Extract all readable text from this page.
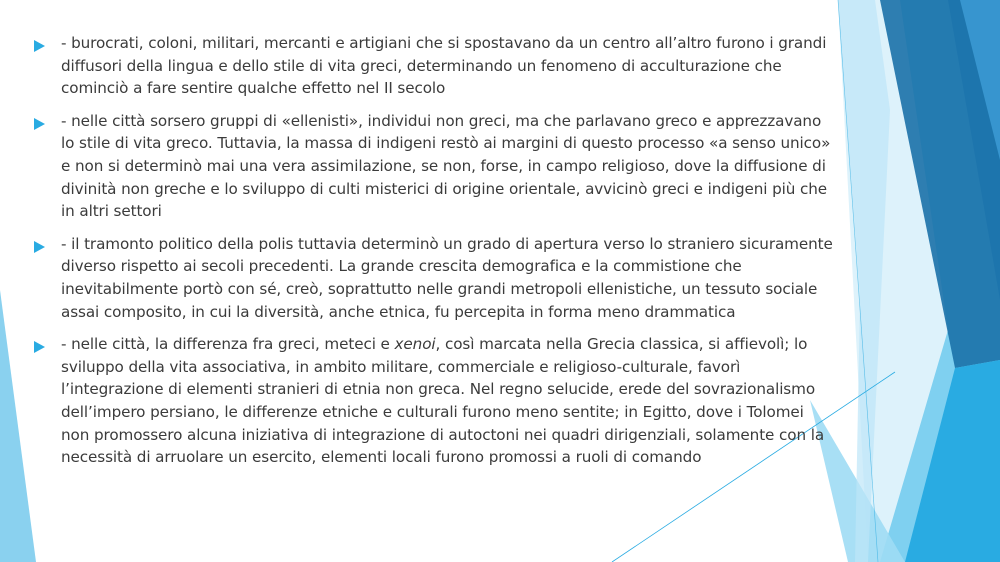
- burocrati, coloni, militari, mercanti e artigiani che si spostavano da un centro all’altro furono i grandi diffusori della lingua e dello stile di vita greci, determinando un fenomeno di acculturazione che cominciò a fare sentire qualche effetto nel II secolo
- nelle città sorsero gruppi di «ellenisti», individui non greci, ma che parlavano greco e apprezzavano lo stile di vita greco. Tuttavia, la massa di indigeni restò ai margini di questo processo «a senso unico» e non si determinò mai una vera assimilazione, se non, forse, in campo religioso, dove la diffusione di divinità non greche e lo sviluppo di culti misterici di origine orientale, avvicinò greci e indigeni più che in altri settori
- il tramonto politico della polis tuttavia determinò un grado di apertura verso lo straniero sicuramente diverso rispetto ai secoli precedenti. La grande crescita demografica e la commistione che inevitabilmente portò con sé, creò, soprattutto nelle grandi metropoli ellenistiche, un tessuto sociale assai composito, in cui la diversità, anche etnica, fu percepita in forma meno drammatica
- nelle città, la differenza fra greci, meteci e xenoi, così marcata nella Grecia classica, si affievolì; lo sviluppo della vita associativa, in ambito militare, commerciale e religioso-culturale, favorì l’integrazione di elementi stranieri di etnia non greca. Nel regno selucide, erede del sovrazionalismo dell’impero persiano, le differenze etniche e culturali furono meno sentite; in Egitto, dove i Tolomei non promossero alcuna iniziativa di integrazione di autoctoni nei quadri dirigenziali, solamente con la necessità di arruolare un esercito, elementi locali furono promossi a ruoli di comando
